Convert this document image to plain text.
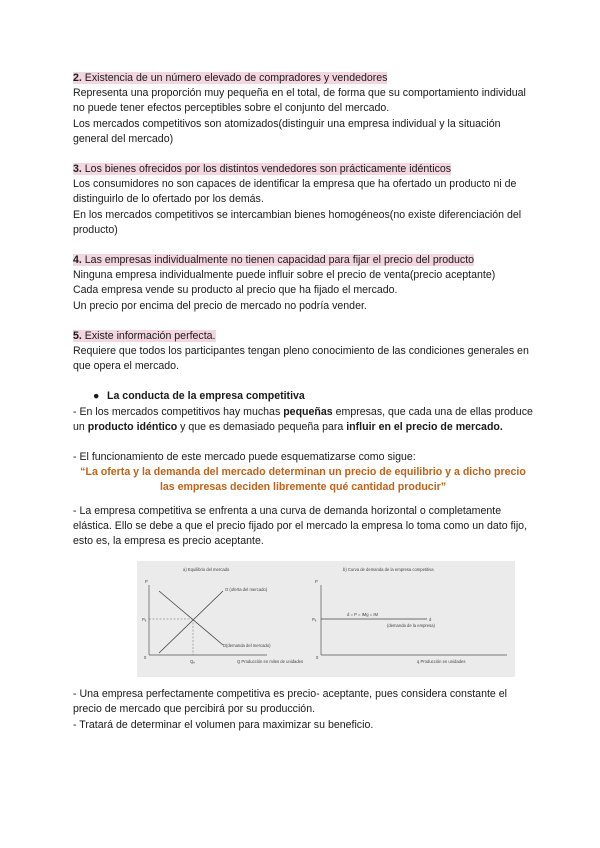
2. Existencia de un número elevado de compradores y vendedores

Representa una proporción muy pequeña en el total, de forma que su comportamiento individual no puede tener efectos perceptibles sobre el conjunto del mercado.

Los mercados competitivos son atomizados(distinguir una empresa individual y la situación general del mercado)

3. Los bienes ofrecidos por los distintos vendedores son prácticamente idénticos

Los consumidores no son capaces de identificar la empresa que ha ofertado un producto ni de distinguirlo de lo ofertado por los demás.

En los mercados competitivos se intercambian bienes homogéneos(no existe diferenciación del producto)

4. Las empresas individualmente no tienen capacidad para fijar el precio del producto

Ninguna empresa individualmente puede influir sobre el precio de venta(precio aceptante)

Cada empresa vende su producto al precio que ha fijado el mercado.

Un precio por encima del precio de mercado no podría vender.

5. Existe información perfecta.

Requiere que todos los participantes tengan pleno conocimiento de las condiciones generales en que opera el mercado.

● La conducta de la empresa competitiva

- En los mercados competitivos hay muchas pequeñas empresas, que cada una de ellas produce un producto idéntico y que es demasiado pequeña para influir en el precio de mercado.

- El funcionamiento de este mercado puede esquematizarse como sigue:

“La oferta y la demanda del mercado determinan un precio de equilibrio y a dicho precio las empresas deciden libremente qué cantidad producir”

- La empresa competitiva se enfrenta a una curva de demanda horizontal o completamente elástica. Ello se debe a que el precio fijado por el mercado la empresa lo toma como un dato fijo, esto es, la empresa es precio aceptante.

a) Equilibrio del mercado
P
Pₑ
O (oferta del mercado)
D(demanda del mercado)
0
Qₑ	Q Producción en miles de unidades
b) Curva de demanda de la empresa competitiva
P
Pₑ
d = P = IMg = IM
d
(demanda de la empresa)
0
q Producción en unidades

- Una empresa perfectamente competitiva es precio- aceptante, pues considera constante el precio de mercado que percibirá por su producción.

- Tratará de determinar el volumen para maximizar su beneficio.
